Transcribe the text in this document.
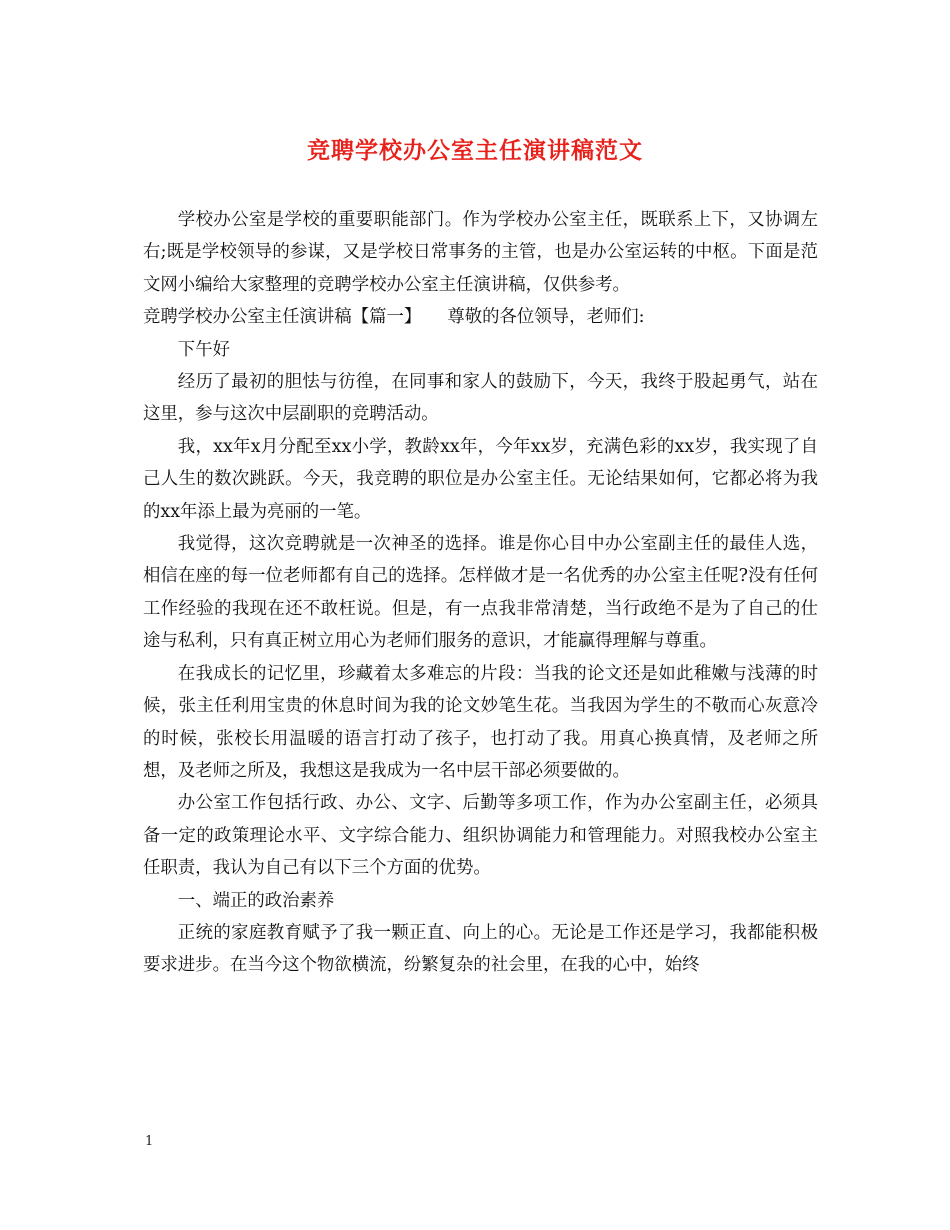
竞聘学校办公室主任演讲稿范文

学校办公室是学校的重要职能部门。作为学校办公室主任，既联系上下，又协调左右;既是学校领导的参谋，又是学校日常事务的主管，也是办公室运转的中枢。下面是范文网小编给大家整理的竞聘学校办公室主任演讲稿，仅供参考。

竞聘学校办公室主任演讲稿【篇一】　　尊敬的各位领导，老师们:

下午好

经历了最初的胆怯与彷徨，在同事和家人的鼓励下，今天，我终于股起勇气，站在这里，参与这次中层副职的竞聘活动。

我，xx年x月分配至xx小学，教龄xx年，今年xx岁，充满色彩的xx岁，我实现了自己人生的数次跳跃。今天，我竞聘的职位是办公室主任。无论结果如何，它都必将为我的xx年添上最为亮丽的一笔。

我觉得，这次竞聘就是一次神圣的选择。谁是你心目中办公室副主任的最佳人选，相信在座的每一位老师都有自己的选择。怎样做才是一名优秀的办公室主任呢?没有任何工作经验的我现在还不敢枉说。但是，有一点我非常清楚，当行政绝不是为了自己的仕途与私利，只有真正树立用心为老师们服务的意识，才能赢得理解与尊重。

在我成长的记忆里，珍藏着太多难忘的片段：当我的论文还是如此稚嫩与浅薄的时候，张主任利用宝贵的休息时间为我的论文妙笔生花。当我因为学生的不敬而心灰意冷的时候，张校长用温暖的语言打动了孩子，也打动了我。用真心换真情，及老师之所想，及老师之所及，我想这是我成为一名中层干部必须要做的。

办公室工作包括行政、办公、文字、后勤等多项工作，作为办公室副主任，必须具备一定的政策理论水平、文字综合能力、组织协调能力和管理能力。对照我校办公室主任职责，我认为自己有以下三个方面的优势。

一、端正的政治素养

正统的家庭教育赋予了我一颗正直、向上的心。无论是工作还是学习，我都能积极要求进步。在当今这个物欲横流，纷繁复杂的社会里，在我的心中，始终

1
